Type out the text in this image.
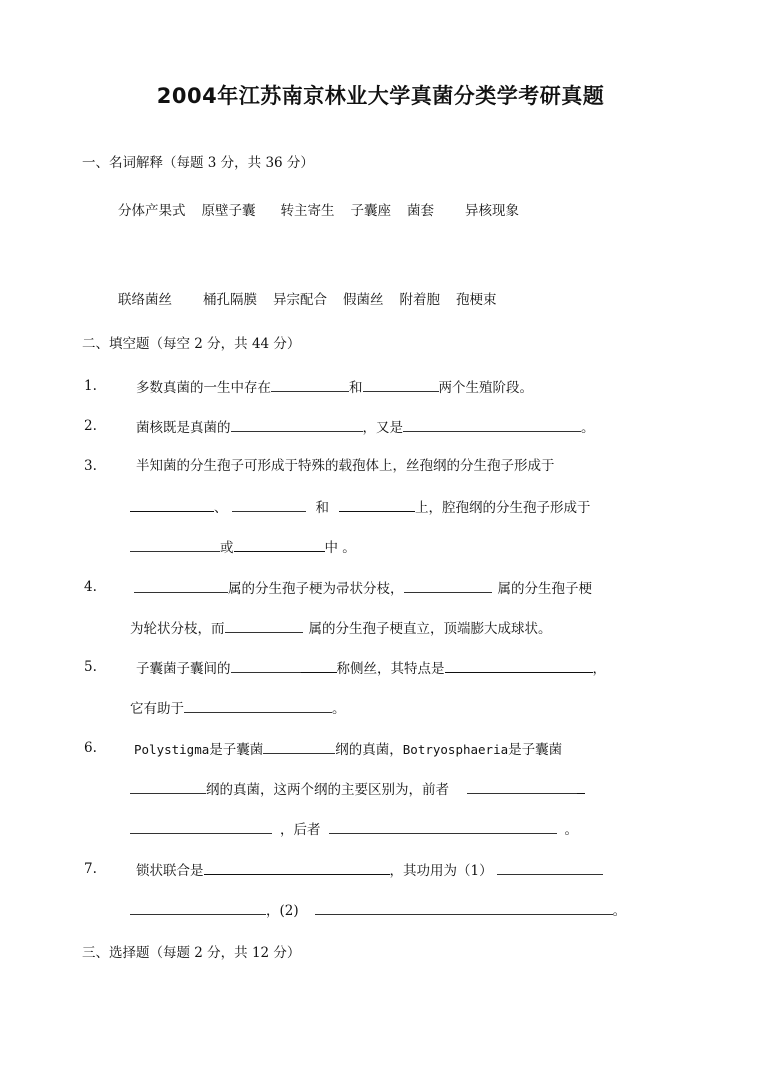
2004年江苏南京林业大学真菌分类学考研真题
一、名词解释（每题 3 分，共 36 分）
分体产果式 原壁子囊 转主寄生 子囊座 菌套 异核现象
联络菌丝 桶孔隔膜 异宗配合 假菌丝 附着胞 孢梗束
二、填空题（每空 2 分，共 44 分）
1.	多数真菌的一生中存在	和	两个生殖阶段。
2.	菌核既是真菌的	，又是	。
3.	半知菌的分生孢子可形成于特殊的载孢体上，丝孢纲的分生孢子形成于
、	和	上，腔孢纲的分生孢子形成于
或	中 。
4.	属的分生孢子梗为帚状分枝，	属的分生孢子梗
为轮状分枝，而	属的分生孢子梗直立，顶端膨大成球状。
5.	子囊菌子囊间的	称侧丝，其特点是	，
它有助于	。
6.	Polystigma是子囊菌	纲的真菌，Botryosphaeria是子囊菌
纲的真菌，这两个纲的主要区别为，前者
，后者	。
7.	锁状联合是	，其功用为（1）
，(2)	。
三、选择题（每题 2 分，共 12 分）
